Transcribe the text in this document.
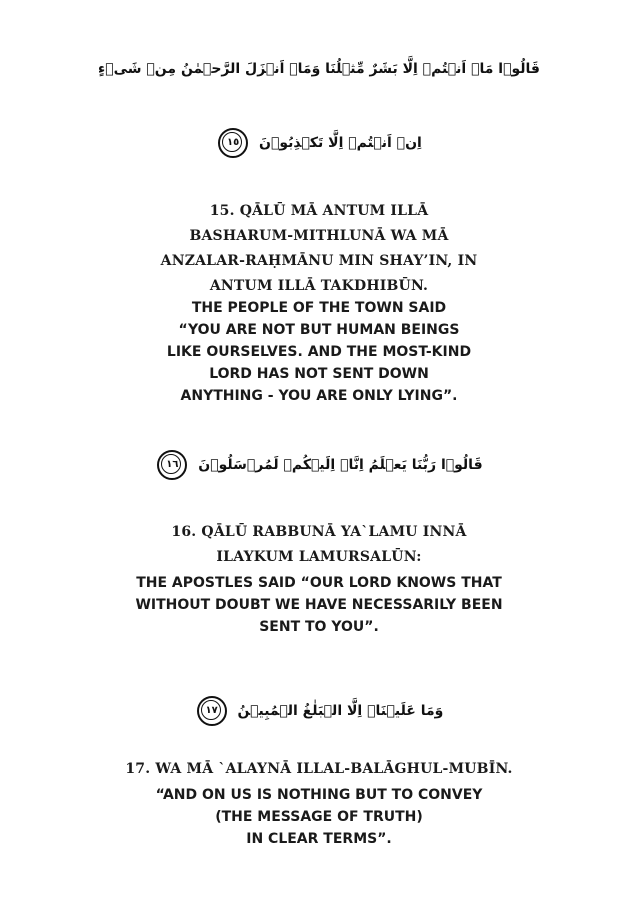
قَالُوۡا مَاۤ اَنۡتُمۡ اِلَّا بَشَرٌ مِّثۡلُنَا وَمَاۤ اَنۡزَلَ الرَّحۡمٰنُ مِنۡ شَىۡءٍ
اِنۡ اَنۡتُمۡ اِلَّا تَكۡذِبُوۡنَ
١٥
15. QĀLŪ MĀ ANTUM ILLĀ
BASHARUM-MITHLUNĀ WA MĀ
ANZALAR-RAḤMĀNU MIN SHAY’IN, IN
ANTUM ILLĀ TAKDHIBŪN.
THE PEOPLE OF THE TOWN SAID
“YOU ARE NOT BUT HUMAN BEINGS
LIKE OURSELVES. AND THE MOST-KIND
LORD HAS NOT SENT DOWN
ANYTHING - YOU ARE ONLY LYING”.
قَالُوۡا رَبُّنَا يَعۡلَمُ اِنَّاۤ اِلَيۡكُمۡ لَمُرۡسَلُوۡنَ
١٦
16. QĀLŪ RABBUNĀ YA`LAMU INNĀ
ILAYKUM LAMURSALŪN:
THE APOSTLES SAID “OUR LORD KNOWS THAT
WITHOUT DOUBT WE HAVE NECESSARILY BEEN
SENT TO YOU”.
وَمَا عَلَيۡنَاۤ اِلَّا الۡبَلٰغُ الۡمُبِيۡنُ
١٧
17. WA MĀ `ALAYNĀ ILLAL-BALĀGHUL-MUBĪN.
“AND ON US IS NOTHING BUT TO CONVEY
(THE MESSAGE OF TRUTH)
IN CLEAR TERMS”.
